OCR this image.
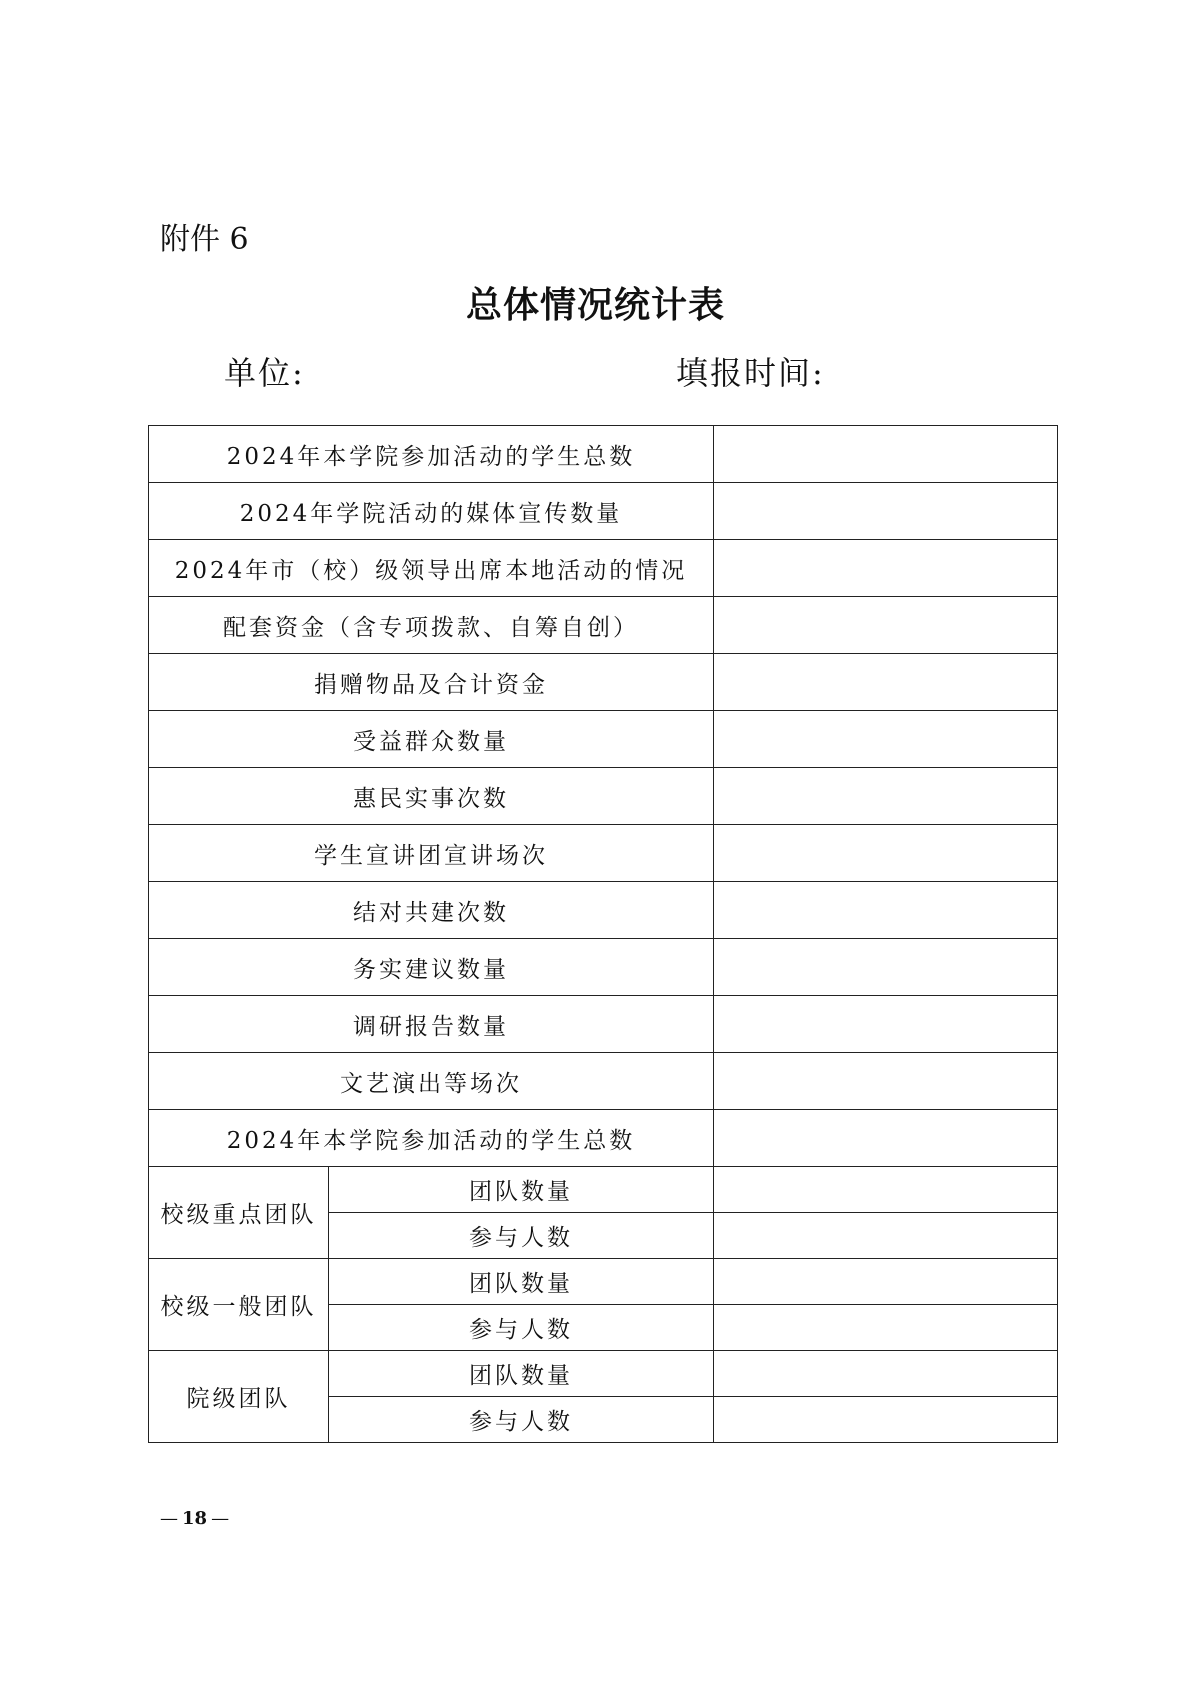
附件 6
总体情况统计表
单位:	填报时间:
2024年本学院参加活动的学生总数		
2024年学院活动的媒体宣传数量		
2024年市（校）级领导出席本地活动的情况		
配套资金（含专项拨款、自筹自创）		
捐赠物品及合计资金		
受益群众数量		
惠民实事次数		
学生宣讲团宣讲场次		
结对共建次数		
务实建议数量		
调研报告数量		
文艺演出等场次		
2024年本学院参加活动的学生总数		
校级重点团队	团队数量	
	参与人数	
校级一般团队	团队数量	
	参与人数	
院级团队	团队数量	
	参与人数	
— 18 —
